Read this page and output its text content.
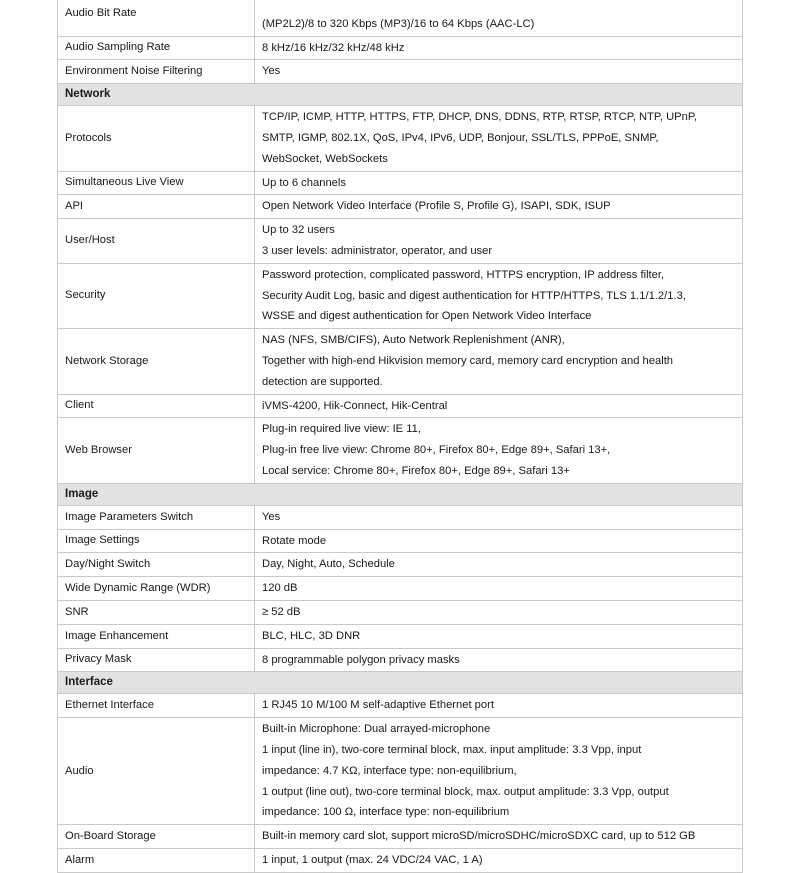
Audio Bit Rate	(MP2L2)/8 to 320 Kbps (MP3)/16 to 64 Kbps (AAC-LC)

Audio Sampling Rate	8 kHz/16 kHz/32 kHz/48 kHz

Environment Noise Filtering	Yes

Network	
Protocols	TCP/IP, ICMP, HTTP, HTTPS, FTP, DHCP, DNS, DDNS, RTP, RTSP, RTCP, NTP, UPnP,
SMTP, IGMP, 802.1X, QoS, IPv4, IPv6, UDP, Bonjour, SSL/TLS, PPPoE, SNMP,
WebSocket, WebSockets

Simultaneous Live View	Up to 6 channels

API	Open Network Video Interface (Profile S, Profile G), ISAPI, SDK, ISUP

User/Host	Up to 32 users
3 user levels: administrator, operator, and user

Security	Password protection, complicated password, HTTPS encryption, IP address filter,
Security Audit Log, basic and digest authentication for HTTP/HTTPS, TLS 1.1/1.2/1.3,
WSSE and digest authentication for Open Network Video Interface

Network Storage	NAS (NFS, SMB/CIFS), Auto Network Replenishment (ANR),
Together with high-end Hikvision memory card, memory card encryption and health
detection are supported.

Client	iVMS-4200, Hik-Connect, Hik-Central

Web Browser	Plug-in required live view: IE 11,
Plug-in free live view: Chrome 80+, Firefox 80+, Edge 89+, Safari 13+,
Local service: Chrome 80+, Firefox 80+, Edge 89+, Safari 13+

Image	
Image Parameters Switch	Yes

Image Settings	Rotate mode

Day/Night Switch	Day, Night, Auto, Schedule

Wide Dynamic Range (WDR)	120 dB

SNR	≥ 52 dB

Image Enhancement	BLC, HLC, 3D DNR

Privacy Mask	8 programmable polygon privacy masks

Interface	
Ethernet Interface	1 RJ45 10 M/100 M self-adaptive Ethernet port

Audio	Built-in Microphone: Dual arrayed-microphone
1 input (line in), two-core terminal block, max. input amplitude: 3.3 Vpp, input
impedance: 4.7 KΩ, interface type: non-equilibrium,
1 output (line out), two-core terminal block, max. output amplitude: 3.3 Vpp, output
impedance: 100 Ω, interface type: non-equilibrium

On-Board Storage	Built-in memory card slot, support microSD/microSDHC/microSDXC card, up to 512 GB

Alarm	1 input, 1 output (max. 24 VDC/24 VAC, 1 A)
